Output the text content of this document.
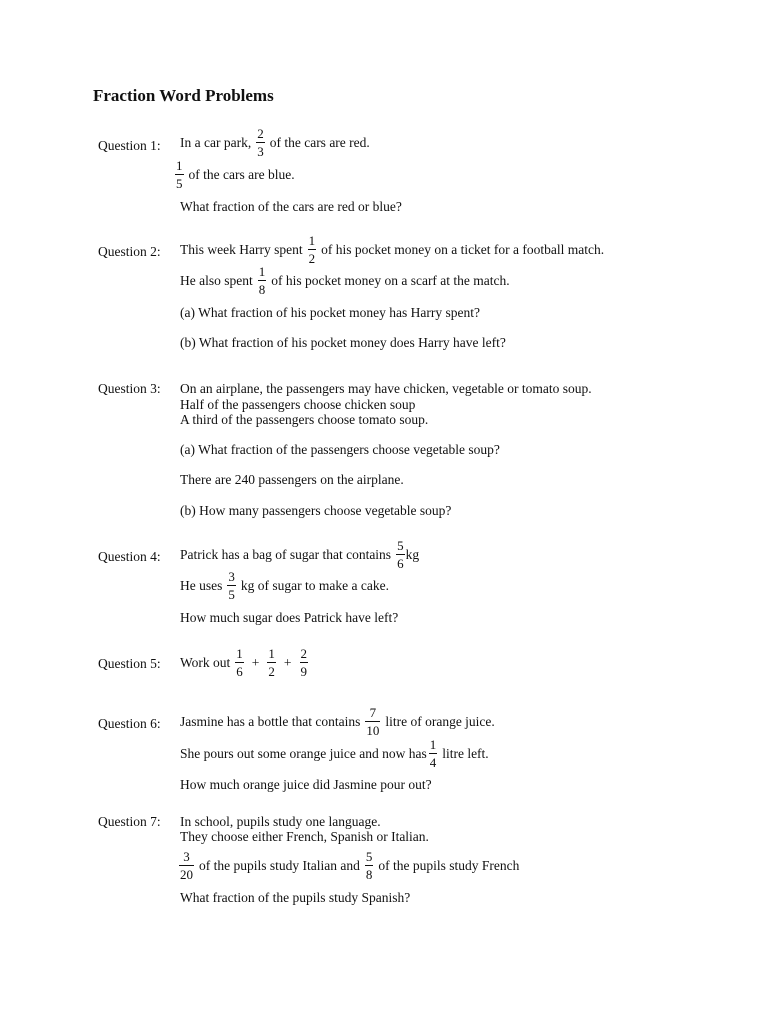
Fraction Word Problems
Question 1: In a car park, $\frac{2}{3}$ of the cars are red.
$\frac{1}{5}$ of the cars are blue.
What fraction of the cars are red or blue?
Question 2: This week Harry spent $\frac{1}{2}$ of his pocket money on a ticket for a football match.
He also spent $\frac{1}{8}$ of his pocket money on a scarf at the match.
(a) What fraction of his pocket money has Harry spent?
(b) What fraction of his pocket money does Harry have left?
Question 3: On an airplane, the passengers may have chicken, vegetable or tomato soup.
Half of the passengers choose chicken soup
A third of the passengers choose tomato soup.
(a) What fraction of the passengers choose vegetable soup?
There are 240 passengers on the airplane.
(b) How many passengers choose vegetable soup?
Question 4: Patrick has a bag of sugar that contains $\frac{5}{6}$ kg
He uses $\frac{3}{5}$ kg of sugar to make a cake.
How much sugar does Patrick have left?
Question 5: Work out $\frac{1}{6} + \frac{1}{2} + \frac{2}{9}$
Question 6: Jasmine has a bottle that contains $\frac{7}{10}$ litre of orange juice.
She pours out some orange juice and now has $\frac{1}{4}$ litre left.
How much orange juice did Jasmine pour out?
Question 7: In school, pupils study one language.
They choose either French, Spanish or Italian.
$\frac{3}{20}$ of the pupils study Italian and $\frac{5}{8}$ of the pupils study French
What fraction of the pupils study Spanish?
